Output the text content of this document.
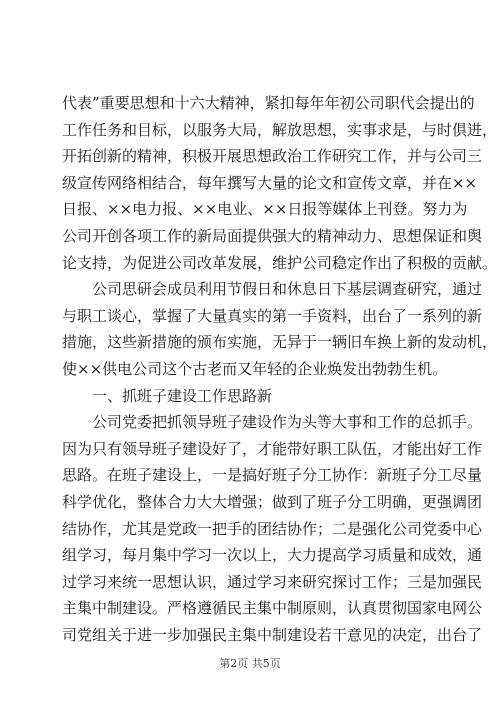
代表”重要思想和十六大精神，紧扣每年年初公司职代会提出的
工作任务和目标，以服务大局，解放思想，实事求是，与时俱进，
开拓创新的精神，积极开展思想政治工作研究工作，并与公司三
级宣传网络相结合，每年撰写大量的论文和宣传文章，并在××
日报、××电力报、××电业、××日报等媒体上刊登。努力为
公司开创各项工作的新局面提供强大的精神动力、思想保证和舆
论支持，为促进公司改革发展，维护公司稳定作出了积极的贡献。
公司思研会成员利用节假日和休息日下基层调查研究，通过
与职工谈心，掌握了大量真实的第一手资料，出台了一系列的新
措施，这些新措施的颁布实施，无异于一辆旧车换上新的发动机，
使××供电公司这个古老而又年轻的企业焕发出勃勃生机。
一、抓班子建设工作思路新
公司党委把抓领导班子建设作为头等大事和工作的总抓手。
因为只有领导班子建设好了，才能带好职工队伍，才能出好工作
思路。在班子建设上，一是搞好班子分工协作：新班子分工尽量
科学优化，整体合力大大增强；做到了班子分工明确，更强调团
结协作，尤其是党政一把手的团结协作；二是强化公司党委中心
组学习，每月集中学习一次以上，大力提高学习质量和成效，通
过学习来统一思想认识，通过学习来研究探讨工作；三是加强民
主集中制建设。严格遵循民主集中制原则，认真贯彻国家电网公
司党组关于进一步加强民主集中制建设若干意见的决定，出台了
第2页 共5页
